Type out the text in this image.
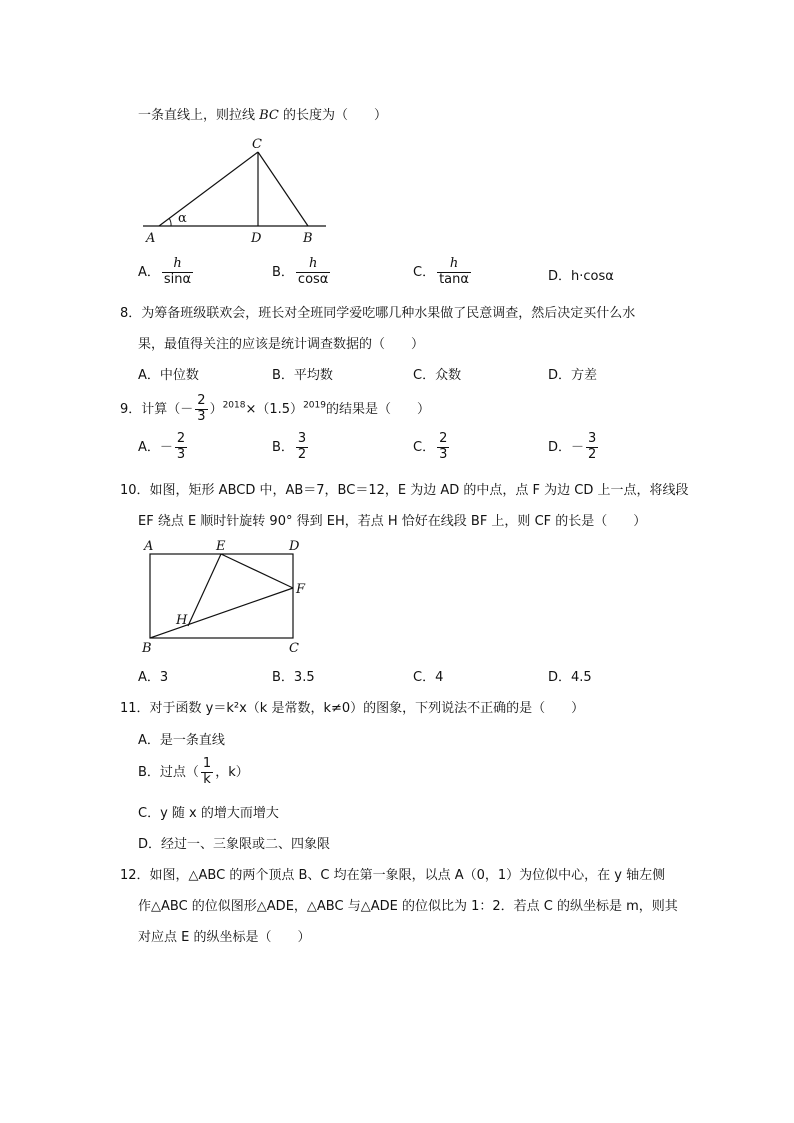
一条直线上，则拉线 BC 的长度为（　　）
C
A	D	B
α
A． $\frac{h}{\sin\alpha}$	B． $\frac{h}{\cos\alpha}$	C． $\frac{h}{\tan\alpha}$	D．h·cosα
8．为筹备班级联欢会，班长对全班同学爱吃哪几种水果做了民意调查，然后决定买什么水
果，最值得关注的应该是统计调查数据的（　　）
A．中位数	B．平均数	C．众数	D．方差
9．计算（－ $\frac{2}{3} )^{2018}\times(1.5)^{2019}$的结果是（　　）
A．－ $\frac{2}{3}$	B． $\frac{3}{2}$	C． $\frac{2}{3}$	D．－ $\frac{3}{2}$
10．如图，矩形 ABCD 中，AB＝7，BC＝12，E 为边 AD 的中点，点 F 为边 CD 上一点，将线段
EF 绕点 E 顺时针旋转 90° 得到 EH，若点 H 恰好在线段 BF 上，则 CF 的长是（　　）
A	E	D
F
H
B	C
A．3	B．3.5	C．4	D．4.5
11．对于函数 y＝k²x（k 是常数，k≠0）的图象，下列说法不正确的是（　　）
A．是一条直线
B．过点（ $\frac{1}{k}$ ，k）
C．y 随 x 的增大而增大
D．经过一、三象限或二、四象限
12．如图，△ABC 的两个顶点 B、C 均在第一象限，以点 A（0，1）为位似中心，在 y 轴左侧
作△ABC 的位似图形△ADE，△ABC 与△ADE 的位似比为 1：2．若点 C 的纵坐标是 m，则其
对应点 E 的纵坐标是（　　）
